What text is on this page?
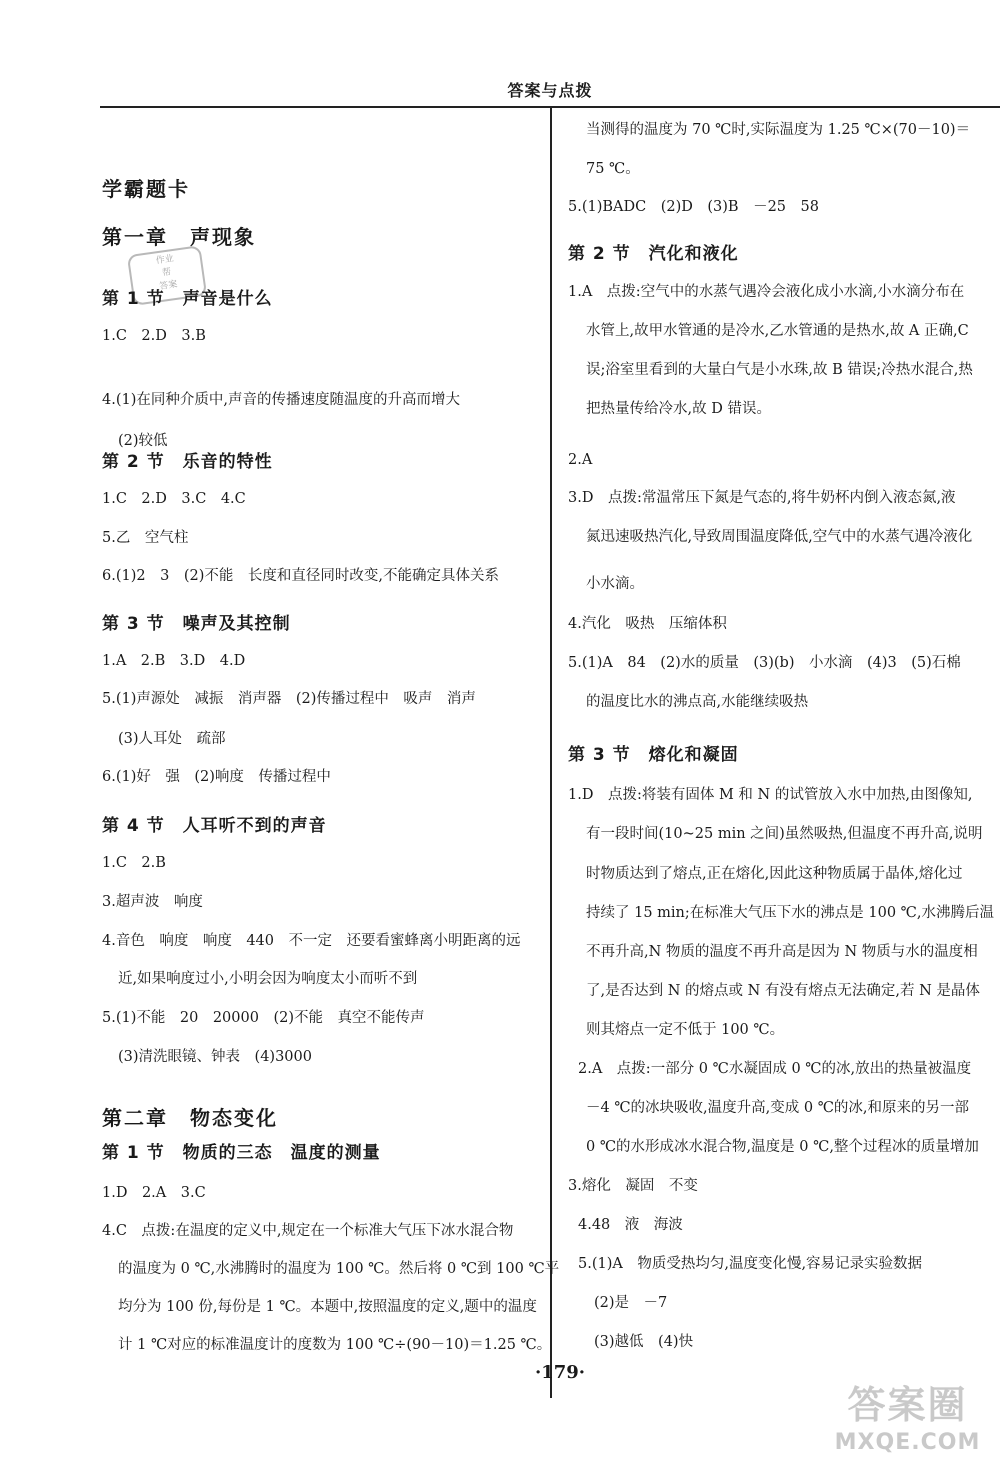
答案与点拨
作业
帮
答案
学霸题卡
第一章　声现象
第 1 节　声音是什么
1.C　2.D　3.B
4.(1)在同种介质中,声音的传播速度随温度的升高而增大
(2)较低
第 2 节　乐音的特性
1.C　2.D　3.C　4.C
5.乙　空气柱
6.(1)2　3　(2)不能　长度和直径同时改变,不能确定具体关系
第 3 节　噪声及其控制
1.A　2.B　3.D　4.D
5.(1)声源处　减振　消声器　(2)传播过程中　吸声　消声
(3)人耳处　疏部
6.(1)好　强　(2)响度　传播过程中
第 4 节　人耳听不到的声音
1.C　2.B
3.超声波　响度
4.音色　响度　响度　440　不一定　还要看蜜蜂离小明距离的远
近,如果响度过小,小明会因为响度太小而听不到
5.(1)不能　20　20000　(2)不能　真空不能传声
(3)清洗眼镜、钟表　(4)3000
第二章　物态变化
第 1 节　物质的三态　温度的测量
1.D　2.A　3.C
4.C　点拨:在温度的定义中,规定在一个标准大气压下冰水混合物
的温度为 0 ℃,水沸腾时的温度为 100 ℃。然后将 0 ℃到 100 ℃平
均分为 100 份,每份是 1 ℃。本题中,按照温度的定义,题中的温度
计 1 ℃对应的标准温度计的度数为 100 ℃÷(90－10)＝1.25 ℃。
当测得的温度为 70 ℃时,实际温度为 1.25 ℃×(70－10)＝
75 ℃。
5.(1)BADC　(2)D　(3)B　－25　58
第 2 节　汽化和液化
1.A　点拨:空气中的水蒸气遇冷会液化成小水滴,小水滴分布在
水管上,故甲水管通的是冷水,乙水管通的是热水,故 A 正确,C
误;浴室里看到的大量白气是小水珠,故 B 错误;冷热水混合,热
把热量传给冷水,故 D 错误。
2.A
3.D　点拨:常温常压下氮是气态的,将牛奶杯内倒入液态氮,液
氮迅速吸热汽化,导致周围温度降低,空气中的水蒸气遇冷液化
小水滴。
4.汽化　吸热　压缩体积
5.(1)A　84　(2)水的质量　(3)(b)　小水滴　(4)3　(5)石棉
的温度比水的沸点高,水能继续吸热
第 3 节　熔化和凝固
1.D　点拨:将装有固体 M 和 N 的试管放入水中加热,由图像知,
有一段时间(10~25 min 之间)虽然吸热,但温度不再升高,说明
时物质达到了熔点,正在熔化,因此这种物质属于晶体,熔化过
持续了 15 min;在标准大气压下水的沸点是 100 ℃,水沸腾后温
不再升高,N 物质的温度不再升高是因为 N 物质与水的温度相
了,是否达到 N 的熔点或 N 有没有熔点无法确定,若 N 是晶体
则其熔点一定不低于 100 ℃。
2.A　点拨:一部分 0 ℃水凝固成 0 ℃的冰,放出的热量被温度
－4 ℃的冰块吸收,温度升高,变成 0 ℃的冰,和原来的另一部
0 ℃的水形成冰水混合物,温度是 0 ℃,整个过程冰的质量增加
3.熔化　凝固　不变
4.48　液　海波
5.(1)A　物质受热均匀,温度变化慢,容易记录实验数据
(2)是　－7
(3)越低　(4)快
·179·
答案圈
MXQE.COM
